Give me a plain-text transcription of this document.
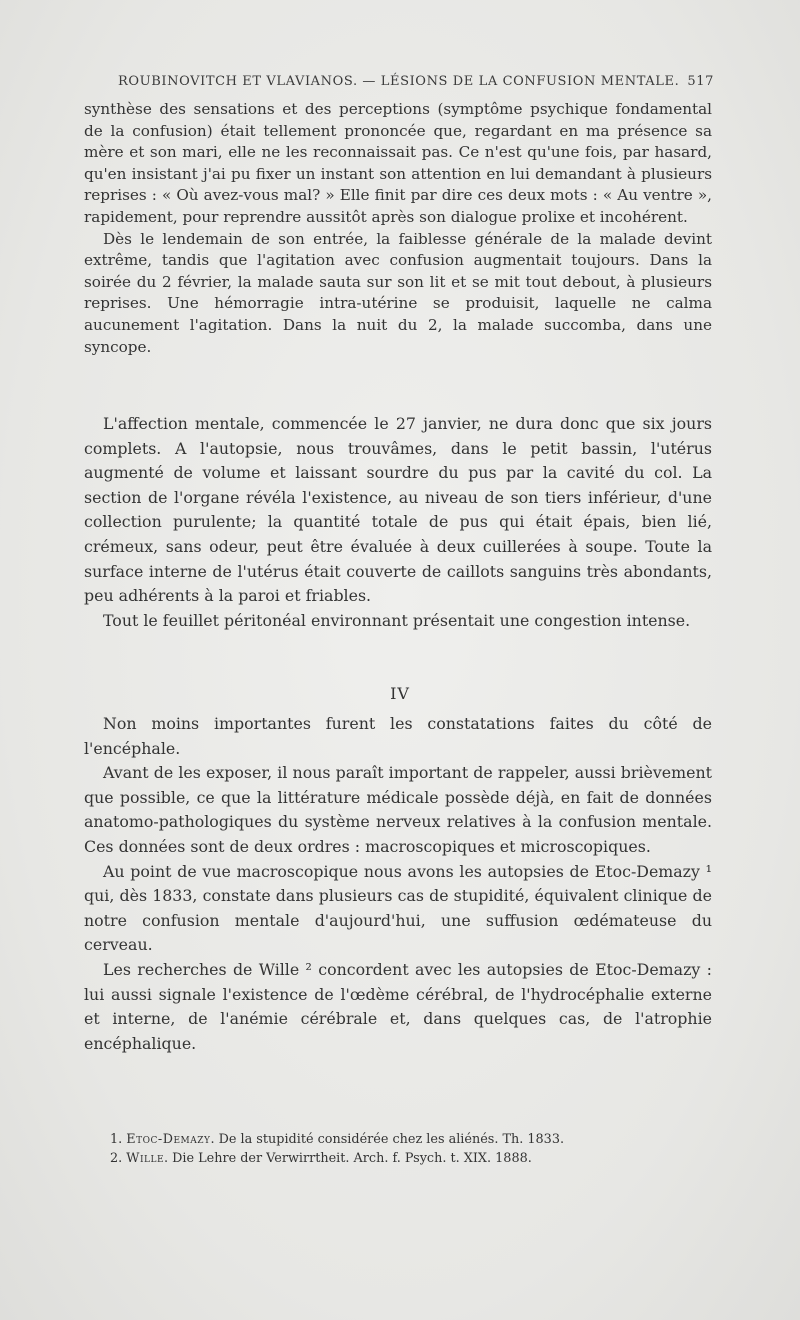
ROUBINOVITCH ET VLAVIANOS. — LÉSIONS DE LA CONFUSION MENTALE. 517

synthèse des sensations et des perceptions (symptôme psychique fondamental de la confusion) était tellement prononcée que, regardant en ma présence sa mère et son mari, elle ne les reconnaissait pas. Ce n'est qu'une fois, par hasard, qu'en insistant j'ai pu fixer un instant son attention en lui demandant à plusieurs reprises : « Où avez-vous mal? » Elle finit par dire ces deux mots : « Au ventre », rapidement, pour reprendre aussitôt après son dialogue prolixe et incohérent.

Dès le lendemain de son entrée, la faiblesse générale de la malade devint extrême, tandis que l'agitation avec confusion augmentait toujours. Dans la soirée du 2 février, la malade sauta sur son lit et se mit tout debout, à plusieurs reprises. Une hémorragie intra-utérine se produisit, laquelle ne calma aucunement l'agitation. Dans la nuit du 2, la malade succomba, dans une syncope.

L'affection mentale, commencée le 27 janvier, ne dura donc que six jours complets. A l'autopsie, nous trouvâmes, dans le petit bassin, l'utérus augmenté de volume et laissant sourdre du pus par la cavité du col. La section de l'organe révéla l'existence, au niveau de son tiers inférieur, d'une collection purulente; la quantité totale de pus qui était épais, bien lié, crémeux, sans odeur, peut être évaluée à deux cuillerées à soupe. Toute la surface interne de l'utérus était couverte de caillots sanguins très abondants, peu adhérents à la paroi et friables.

Tout le feuillet péritonéal environnant présentait une congestion intense.

IV

Non moins importantes furent les constatations faites du côté de l'encéphale.

Avant de les exposer, il nous paraît important de rappeler, aussi brièvement que possible, ce que la littérature médicale possède déjà, en fait de données anatomo-pathologiques du système nerveux relatives à la confusion mentale. Ces données sont de deux ordres : macroscopiques et microscopiques.

Au point de vue macroscopique nous avons les autopsies de Etoc-Demazy ¹ qui, dès 1833, constate dans plusieurs cas de stupidité, équivalent clinique de notre confusion mentale d'aujourd'hui, une suffusion œdémateuse du cerveau.

Les recherches de Wille ² concordent avec les autopsies de Etoc-Demazy : lui aussi signale l'existence de l'œdème cérébral, de l'hydrocéphalie externe et interne, de l'anémie cérébrale et, dans quelques cas, de l'atrophie encéphalique.

1. Etoc-Demazy. De la stupidité considérée chez les aliénés. Th. 1833.

2. Wille. Die Lehre der Verwirrtheit. Arch. f. Psych. t. XIX. 1888.
